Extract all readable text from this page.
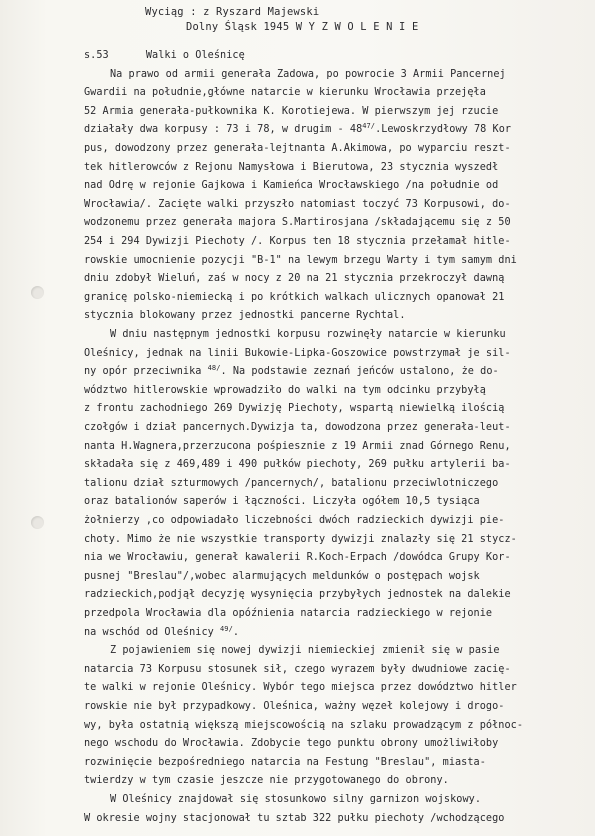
Wyciąg : z Ryszard Majewski
Dolny Śląsk 1945 W Y Z W O L E N I E
s.53      Walki o Oleśnicę
Na prawo od armii generała Zadowa, po powrocie 3 Armii Pancernej
Gwardii na południe,główne natarcie w kierunku Wrocławia przejęła
52 Armia generała-pułkownika K. Korotiejewa. W pierwszym jej rzucie
działały dwa korpusy : 73 i 78, w drugim - $48^{47/}.Lewoskrzydłowy$ 78 Kor
pus, dowodzony przez generała-lejtnanta A.Akimowa, po wyparciu reszt-
tek hitlerowców z Rejonu Namysłowa i Bierutowa, 23 stycznia wyszedł
nad Odrę w rejonie Gajkowa i Kamieńca Wrocławskiego /na południe od
Wrocławia/. Zacięte walki przyszło natomiast toczyć 73 Korpusowi, do-
wodzonemu przez generała majora S.Martirosjana /składającemu się z 50
254 i 294 Dywizji Piechoty /. Korpus ten 18 stycznia przełamał hitle-
rowskie umocnienie pozycji "B-1" na lewym brzegu Warty i tym samym dni
dniu zdobył Wieluń, zaś w nocy z 20 na 21 stycznia przekroczył dawną
granicę polsko-niemiecką i po krótkich walkach ulicznych opanował 21
stycznia blokowany przez jednostki pancerne Rychtal.
W dniu następnym jednostki korpusu rozwinęły natarcie w kierunku
Oleśnicy, jednak na linii Bukowie-Lipka-Goszowice powstrzymał je sil-
ny opór przeciwnika $^{48/}$. Na podstawie zeznań jeńców ustalono, że do-
wództwo hitlerowskie wprowadziło do walki na tym odcinku przybyłą
z frontu zachodniego 269 Dywizję Piechoty, wspartą niewielką ilością
czołgów i dział pancernych.Dywizja ta, dowodzona przez generała-leut-
nanta H.Wagnera,przerzucona pośpiesznie z 19 Armii znad Górnego Renu,
składała się z 469,489 i 490 pułków piechoty, 269 pułku artylerii ba-
talionu dział szturmowych /pancernych/, batalionu przeciwlotniczego
oraz batalionów saperów i łączności. Liczyła ogółem 10,5 tysiąca
żołnierzy ,co odpowiadało liczebności dwóch radzieckich dywizji pie-
choty. Mimo że nie wszystkie transporty dywizji znalazły się 21 stycz-
nia we Wrocławiu, generał kawalerii R.Koch-Erpach /dowódca Grupy Kor-
pusnej "Breslau"/,wobec alarmujących meldunków o postępach wojsk
radzieckich,podjął decyzję wysynięcia przybyłych jednostek na dalekie
przedpola Wrocławia dla opóźnienia natarcia radzieckiego w rejonie
na wschód od Oleśnicy $^{49/}$.
Z pojawieniem się nowej dywizji niemieckiej zmienił się w pasie
natarcia 73 Korpusu stosunek sił, czego wyrazem były dwudniowe zacię-
te walki w rejonie Oleśnicy. Wybór tego miejsca przez dowództwo hitler
rowskie nie był przypadkowy. Oleśnica, ważny węzeł kolejowy i drogo-
wy, była ostatnią większą miejscowością na szlaku prowadzącym z północ-
nego wschodu do Wrocławia. Zdobycie tego punktu obrony umożliwiłoby
rozwinięcie bezpośredniego natarcia na Festung "Breslau", miasta-
twierdzy w tym czasie jeszcze nie przygotowanego do obrony.
W Oleśnicy znajdował się stosunkowo silny garnizon wojskowy.
W okresie wojny stacjonował tu sztab 322 pułku piechoty /wchodzącego
